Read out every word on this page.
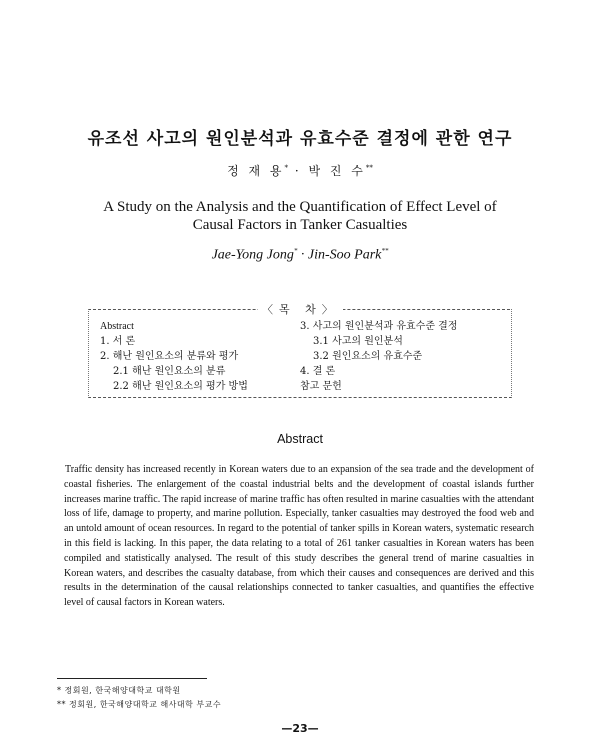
유조선 사고의 원인분석과 유효수준 결정에 관한 연구
정 재 용* · 박 진 수**
A Study on the Analysis and the Quantification of Effect Level of
Causal Factors in Tanker Casualties
Jae-Yong Jong* · Jin-Soo Park**
〈목 차〉
Abstract
1. 서 론
2. 해난 원인요소의 분류와 평가
2.1 해난 원인요소의 분류
2.2 해난 원인요소의 평가 방법
3. 사고의 원인분석과 유효수준 결정
3.1 사고의 원인분석
3.2 원인요소의 유효수준
4. 결 론
참고 문헌
Abstract
Traffic density has increased recently in Korean waters due to an expansion of the sea trade and the development of coastal fisheries. The enlargement of the coastal industrial belts and the development of coastal islands further increases marine traffic. The rapid increase of marine traffic has often resulted in marine casualties with the attendant loss of life, damage to property, and marine pollution. Especially, tanker casualties may destroyed the food web and an untold amount of ocean resources. In regard to the potential of tanker spills in Korean waters, systematic research in this field is lacking. In this paper, the data relating to a total of 261 tanker casualties in Korean waters has been compiled and statistically analysed. The result of this study describes the general trend of marine casualties in Korean waters, and describes the casualty database, from which their causes and consequences are derived and this results in the determination of the causal relationships connected to tanker casualties, and quantifies the effective level of causal factors in Korean waters.
* 정회원, 한국해양대학교 대학원
** 정회원, 한국해양대학교 해사대학 부교수
—23—
